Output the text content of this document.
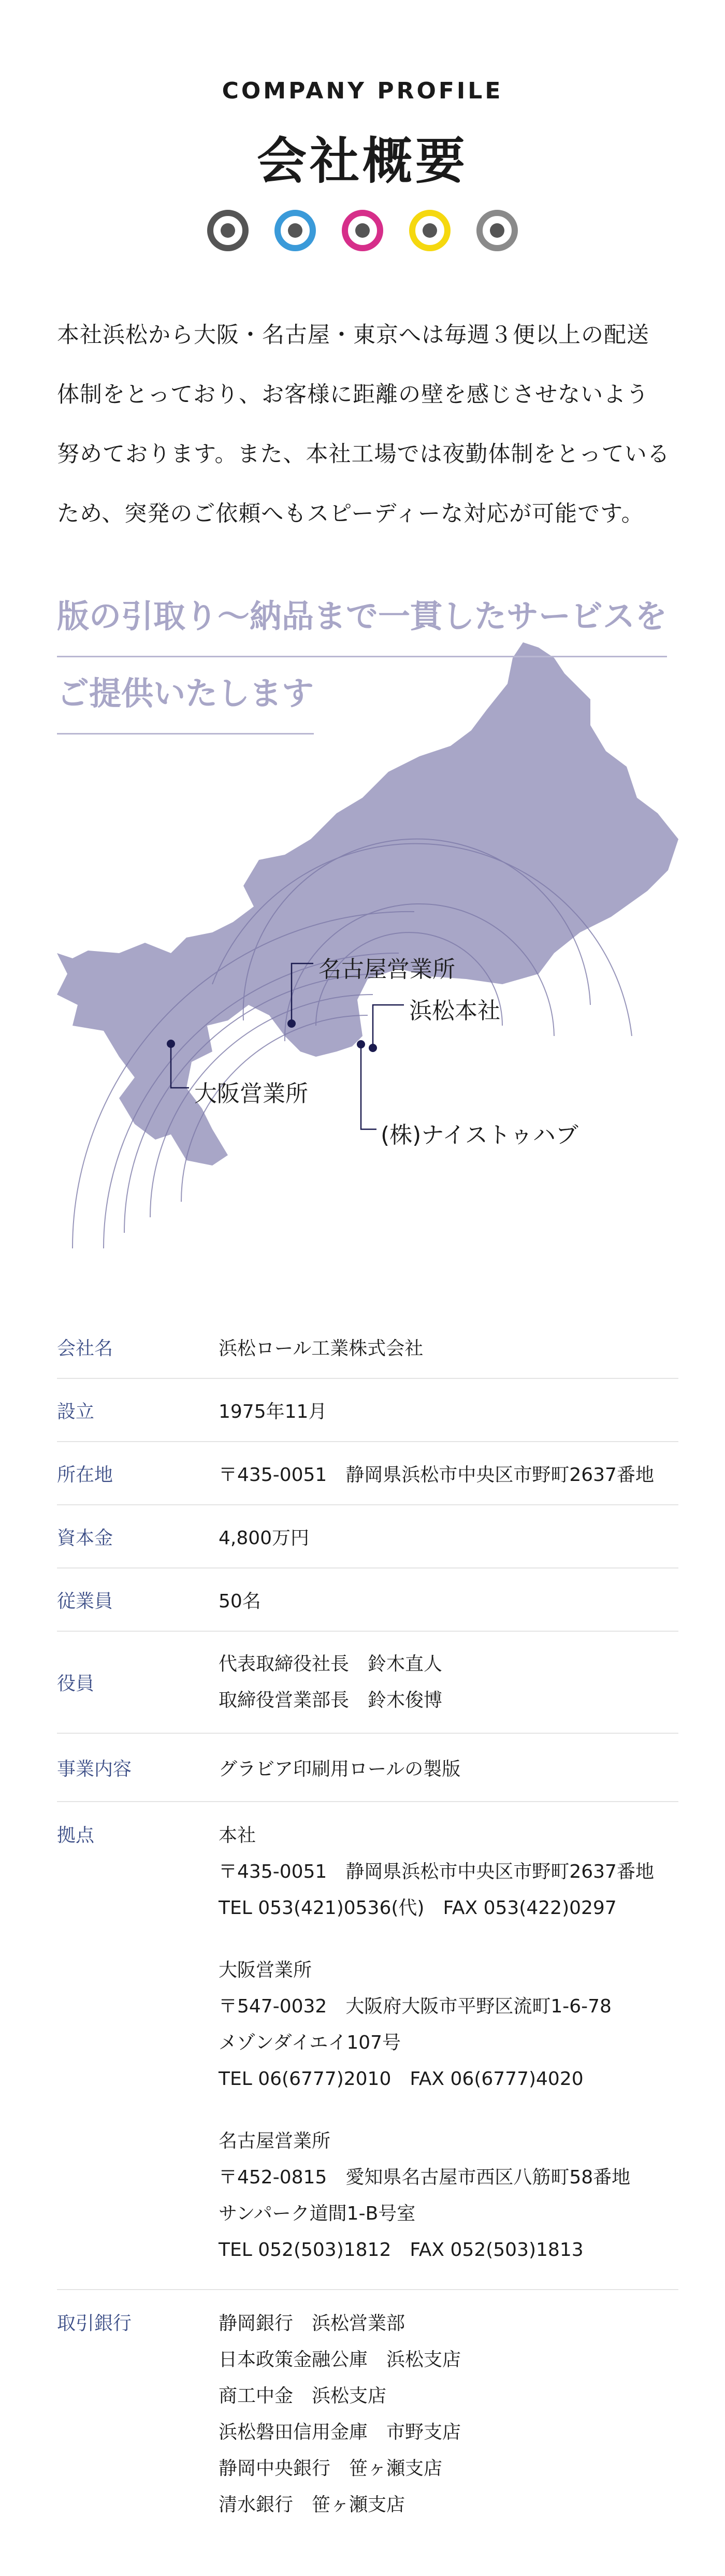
COMPANY PROFILE
会社概要
本社浜松から大阪・名古屋・東京へは毎週３便以上の配送
体制をとっており、お客様に距離の壁を感じさせないよう
努めております。また、本社工場では夜勤体制をとっている
ため、突発のご依頼へもスピーディーな対応が可能です。
版の引取り～納品まで一貫したサービスを
ご提供いたします
名古屋営業所
浜松本社
大阪営業所
(株)ナイストゥハブ
会社名	浜松ロール工業株式会社
設立	1975年11月
所在地	〒435-0051　静岡県浜松市中央区市野町2637番地
資本金	4,800万円
従業員	50名
役員
代表取締役社長　鈴木直人
取締役営業部長　鈴木俊博
事業内容	グラビア印刷用ロールの製版
拠点	本社
〒435-0051　静岡県浜松市中央区市野町2637番地
TEL 053(421)0536(代)　FAX 053(422)0297
大阪営業所
〒547-0032　大阪府大阪市平野区流町1-6-78
メゾンダイエイ107号
TEL 06(6777)2010　FAX 06(6777)4020
名古屋営業所
〒452-0815　愛知県名古屋市西区八筋町58番地
サンパーク道間1-B号室
TEL 052(503)1812　FAX 052(503)1813
取引銀行	静岡銀行　浜松営業部
日本政策金融公庫　浜松支店
商工中金　浜松支店
浜松磐田信用金庫　市野支店
静岡中央銀行　笹ヶ瀬支店
清水銀行　笹ヶ瀬支店
